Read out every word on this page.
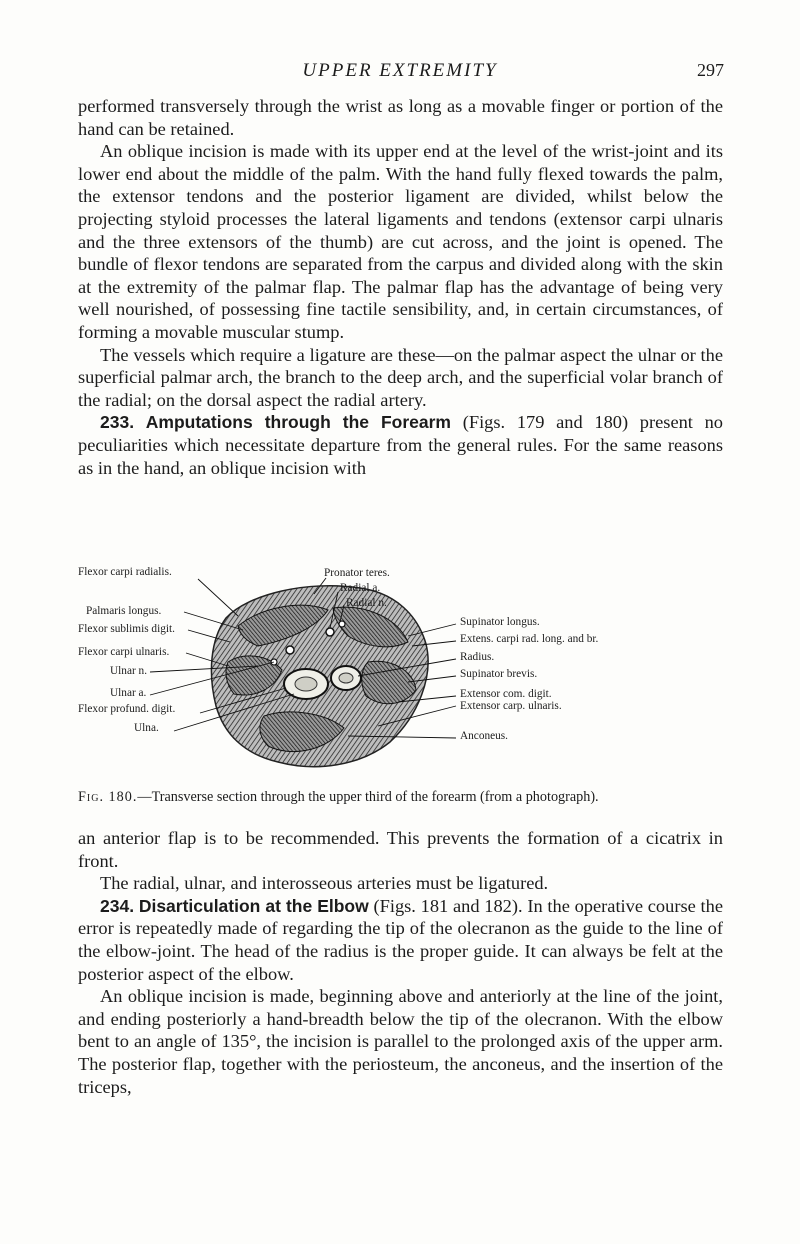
UPPER EXTREMITY	297

performed transversely through the wrist as long as a movable finger or portion of the hand can be retained.

An oblique incision is made with its upper end at the level of the wrist-joint and its lower end about the middle of the palm. With the hand fully flexed towards the palm, the extensor tendons and the posterior ligament are divided, whilst below the projecting styloid processes the lateral ligaments and tendons (extensor carpi ulnaris and the three extensors of the thumb) are cut across, and the joint is opened. The bundle of flexor tendons are separated from the carpus and divided along with the skin at the extremity of the palmar flap. The palmar flap has the advantage of being very well nourished, of possessing fine tactile sensibility, and, in certain circumstances, of forming a movable muscular stump.

The vessels which require a ligature are these—on the palmar aspect the ulnar or the superficial palmar arch, the branch to the deep arch, and the superficial volar branch of the radial; on the dorsal aspect the radial artery.

233. Amputations through the Forearm (Figs. 179 and 180) present no peculiarities which necessitate departure from the general rules. For the same reasons as in the hand, an oblique incision with

Flexor carpi radialis.
Palmaris longus.
Flexor sublimis digit.
Flexor carpi ulnaris.
Ulnar n.
Ulnar a.
Flexor profund. digit.
Ulna.
Pronator teres.
Radial a.
Radial n.
Supinator longus.
Extens. carpi rad. long. and br.
Radius.
Supinator brevis.
Extensor com. digit.
Extensor carp. ulnaris.
Anconeus.
Fig. 180.—Transverse section through the upper third of the forearm (from a photograph).

an anterior flap is to be recommended. This prevents the formation of a cicatrix in front.

The radial, ulnar, and interosseous arteries must be ligatured.

234. Disarticulation at the Elbow (Figs. 181 and 182). In the operative course the error is repeatedly made of regarding the tip of the olecranon as the guide to the line of the elbow-joint. The head of the radius is the proper guide. It can always be felt at the posterior aspect of the elbow.

An oblique incision is made, beginning above and anteriorly at the line of the joint, and ending posteriorly a hand-breadth below the tip of the olecranon. With the elbow bent to an angle of 135°, the incision is parallel to the prolonged axis of the upper arm. The posterior flap, together with the periosteum, the anconeus, and the insertion of the triceps,
